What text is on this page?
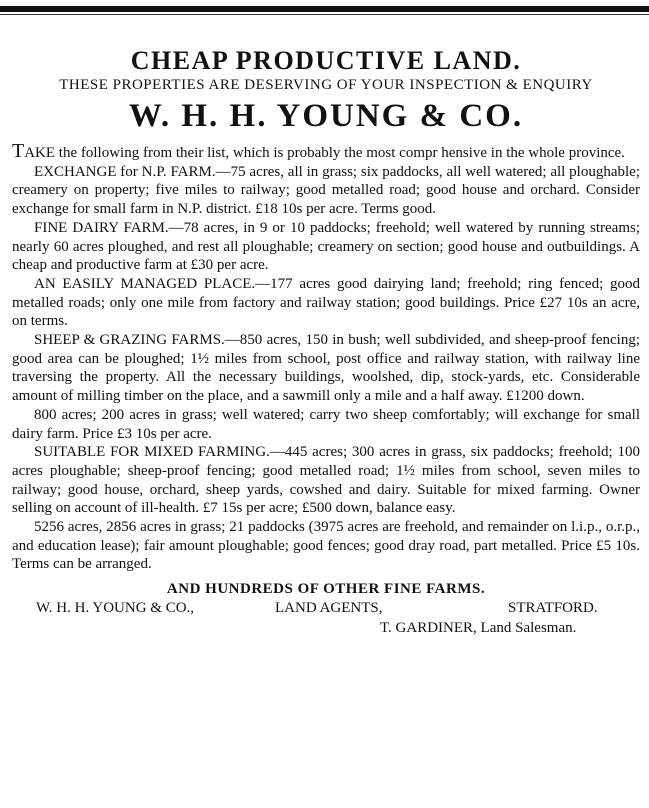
CHEAP PRODUCTIVE LAND.
THESE PROPERTIES ARE DESERVING OF YOUR INSPECTION & ENQUIRY
W. H. H. YOUNG & CO.

TAKE the following from their list, which is probably the most compr hensive in the whole province.

EXCHANGE for N.P. FARM.—75 acres, all in grass; six paddocks, all well watered; all ploughable; creamery on property; five miles to railway; good metalled road; good house and orchard. Consider exchange for small farm in N.P. district. £18 10s per acre. Terms good.

FINE DAIRY FARM.—78 acres, in 9 or 10 paddocks; freehold; well watered by running streams; nearly 60 acres ploughed, and rest all ploughable; creamery on section; good house and outbuildings. A cheap and productive farm at £30 per acre.

AN EASILY MANAGED PLACE.—177 acres good dairying land; freehold; ring fenced; good metalled roads; only one mile from factory and railway station; good buildings. Price £27 10s an acre, on terms.

SHEEP & GRAZING FARMS.—850 acres, 150 in bush; well subdivided, and sheep-proof fencing; good area can be ploughed; 1½ miles from school, post office and railway station, with railway line traversing the property. All the necessary buildings, woolshed, dip, stock-yards, etc. Considerable amount of milling timber on the place, and a sawmill only a mile and a half away. £1200 down.

800 acres; 200 acres in grass; well watered; carry two sheep comfortably; will exchange for small dairy farm. Price £3 10s per acre.

SUITABLE FOR MIXED FARMING.—445 acres; 300 acres in grass, six paddocks; freehold; 100 acres ploughable; sheep-proof fencing; good metalled road; 1½ miles from school, seven miles to railway; good house, orchard, sheep yards, cowshed and dairy. Suitable for mixed farming. Owner selling on account of ill-health. £7 15s per acre; £500 down, balance easy.

5256 acres, 2856 acres in grass; 21 paddocks (3975 acres are freehold, and remainder on l.i.p., o.r.p., and education lease); fair amount ploughable; good fences; good dray road, part metalled. Price £5 10s. Terms can be arranged.

AND HUNDREDS OF OTHER FINE FARMS.
W. H. H. YOUNG & CO.,	LAND AGENTS,	STRATFORD.
T. GARDINER, Land Salesman.
